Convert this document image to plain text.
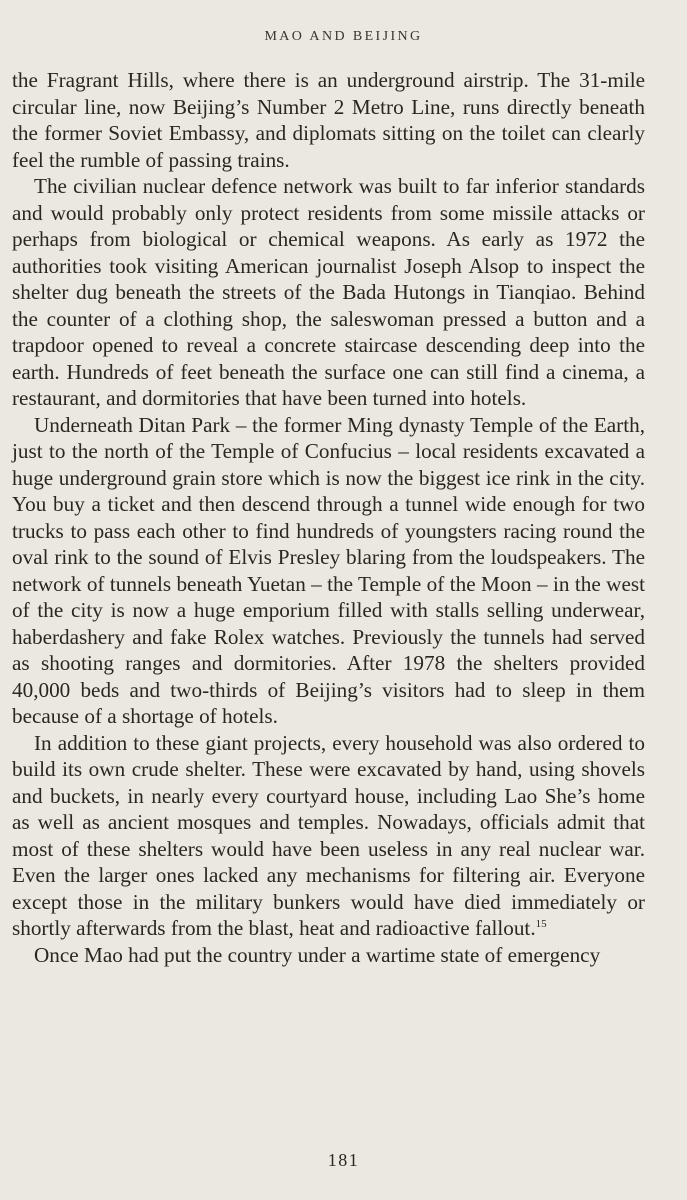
MAO AND BEIJING

the Fragrant Hills, where there is an underground airstrip. The 31-mile circular line, now Beijing’s Number 2 Metro Line, runs directly beneath the former Soviet Embassy, and diplomats sitting on the toilet can clearly feel the rumble of passing trains.

The civilian nuclear defence network was built to far inferior standards and would probably only protect residents from some missile attacks or perhaps from biological or chemical weapons. As early as 1972 the authorities took visiting American journalist Joseph Alsop to inspect the shelter dug beneath the streets of the Bada Hutongs in Tianqiao. Behind the counter of a clothing shop, the saleswoman pressed a button and a trapdoor opened to reveal a concrete staircase descending deep into the earth. Hundreds of feet beneath the surface one can still find a cinema, a restaurant, and dormitories that have been turned into hotels.

Underneath Ditan Park – the former Ming dynasty Temple of the Earth, just to the north of the Temple of Confucius – local residents excavated a huge underground grain store which is now the biggest ice rink in the city. You buy a ticket and then descend through a tunnel wide enough for two trucks to pass each other to find hundreds of youngsters racing round the oval rink to the sound of Elvis Presley blaring from the loudspeakers. The network of tunnels beneath Yuetan – the Temple of the Moon – in the west of the city is now a huge emporium filled with stalls selling underwear, haberdashery and fake Rolex watches. Previously the tunnels had served as shooting ranges and dormitories. After 1978 the shelters provided 40,000 beds and two-thirds of Beijing’s visitors had to sleep in them because of a shortage of hotels.

In addition to these giant projects, every household was also ordered to build its own crude shelter. These were excavated by hand, using shovels and buckets, in nearly every courtyard house, including Lao She’s home as well as ancient mosques and temples. Nowadays, officials admit that most of these shelters would have been useless in any real nuclear war. Even the larger ones lacked any mechanisms for filtering air. Everyone except those in the military bunkers would have died immediately or shortly afterwards from the blast, heat and radioactive fallout.$^{15}$

Once Mao had put the country under a wartime state of emergency

181
